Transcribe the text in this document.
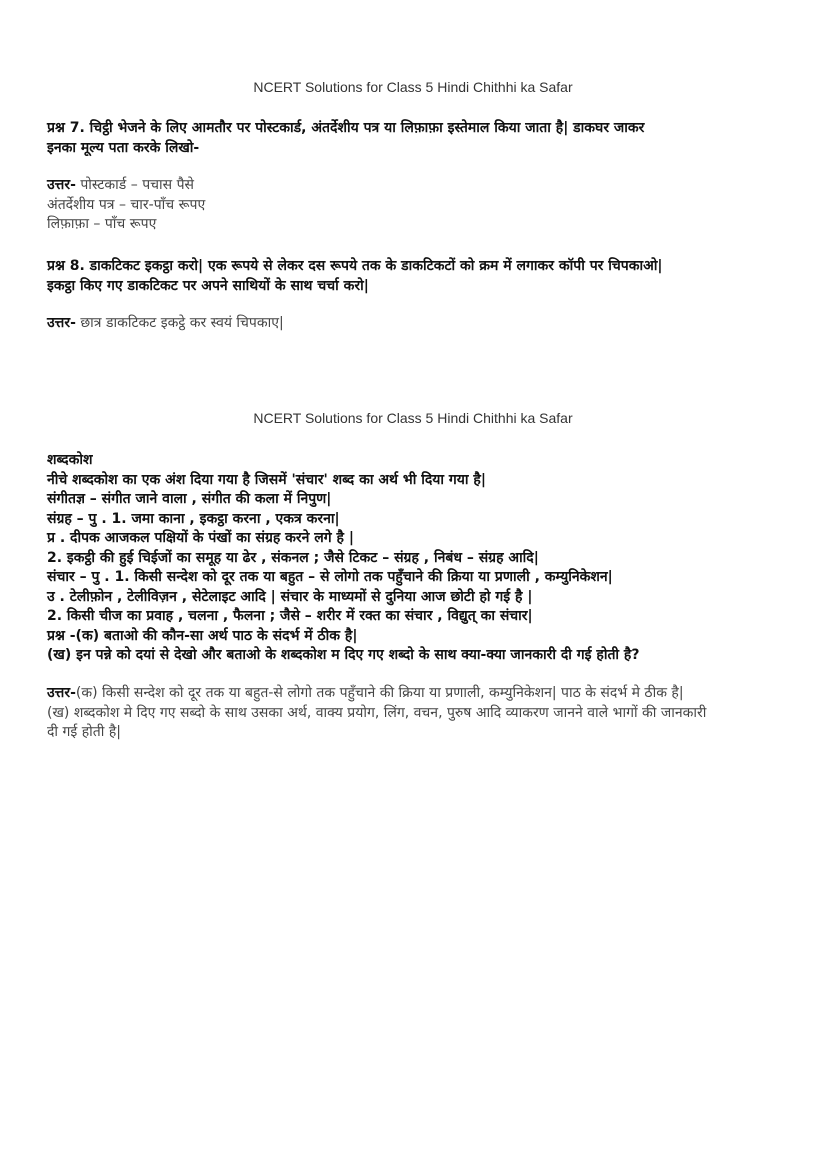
NCERT Solutions for Class 5 Hindi Chithhi ka Safar
प्रश्न 7. चिट्ठी भेजने के लिए आमतौर पर पोस्टकार्ड, अंतर्देशीय पत्र या लिफ़ाफ़ा इस्तेमाल किया जाता है| डाकघर जाकर
इनका मूल्य पता करके लिखो-
उत्तर- पोस्टकार्ड – पचास पैसे
अंतर्देशीय पत्र – चार-पाँच रूपए
लिफ़ाफ़ा – पाँच रूपए
प्रश्न 8. डाकटिकट इकट्ठा करो| एक रूपये से लेकर दस रूपये तक के डाकटिकटों को क्रम में लगाकर कॉपी पर चिपकाओ|
इकट्ठा किए गए डाकटिकट पर अपने साथियों के साथ चर्चा करो|
उत्तर- छात्र डाकटिकट इकट्ठे कर स्वयं चिपकाए|
NCERT Solutions for Class 5 Hindi Chithhi ka Safar
शब्दकोश
नीचे शब्दकोश का एक अंश दिया गया है जिसमें 'संचार' शब्द का अर्थ भी दिया गया है|
संगीतज्ञ – संगीत जाने वाला , संगीत की कला में निपुण|
संग्रह – पु . 1. जमा काना , इकट्ठा करना , एकत्र करना|
प्र . दीपक आजकल पक्षियों के पंखों का संग्रह करने लगे है |
2. इकट्ठी की हुई चिईजों का समूह या ढेर , संकनल ; जैसे टिकट – संग्रह , निबंध – संग्रह आदि|
संचार – पु . 1. किसी सन्देश को दूर तक या बहुत – से लोगो तक पहुँचाने की क्रिया या प्रणाली , कम्युनिकेशन|
उ . टेलीफ़ोन , टेलीविज़न , सेटेलाइट आदि | संचार के माध्यमों से दुनिया आज छोटी हो गई है |
2. किसी चीज का प्रवाह , चलना , फैलना ; जैसे – शरीर में रक्त का संचार , विद्युत् का संचार|
प्रश्न -(क) बताओ की कौन-सा अर्थ पाठ के संदर्भ में ठीक है|
(ख) इन पन्ने को दयां से देखो और बताओ के शब्दकोश म दिए गए शब्दो के साथ क्या-क्या जानकारी दी गई होती है?
उत्तर-(क) किसी सन्देश को दूर तक या बहुत-से लोगो तक पहुँचाने की क्रिया या प्रणाली, कम्युनिकेशन| पाठ के संदर्भ मे ठीक है|
(ख) शब्दकोश मे दिए गए सब्दो के साथ उसका अर्थ, वाक्य प्रयोग, लिंग, वचन, पुरुष आदि व्याकरण जानने वाले भागों की जानकारी
दी गई होती है|
